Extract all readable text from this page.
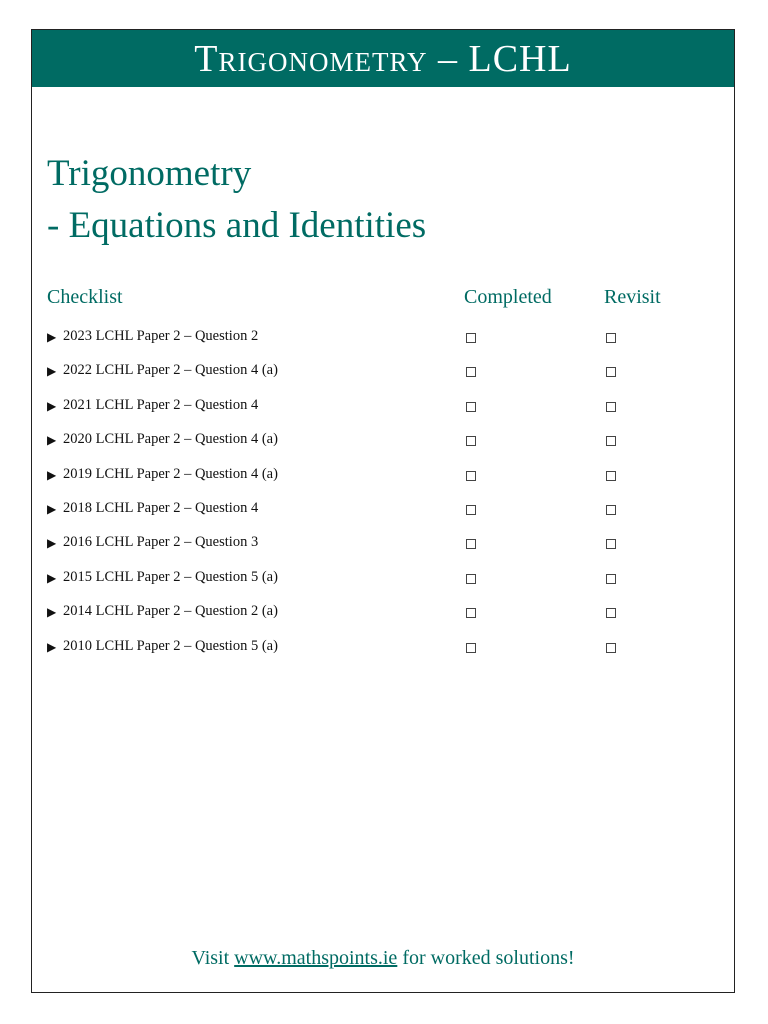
Trigonometry – LCHL
Trigonometry
- Equations and Identities
Checklist	Completed	Revisit
▶ 2023 LCHL Paper 2 – Question 2
▶ 2022 LCHL Paper 2 – Question 4 (a)
▶ 2021 LCHL Paper 2 – Question 4
▶ 2020 LCHL Paper 2 – Question 4 (a)
▶ 2019 LCHL Paper 2 – Question 4 (a)
▶ 2018 LCHL Paper 2 – Question 4
▶ 2016 LCHL Paper 2 – Question 3
▶ 2015 LCHL Paper 2 – Question 5 (a)
▶ 2014 LCHL Paper 2 – Question 2 (a)
▶ 2010 LCHL Paper 2 – Question 5 (a)
Visit www.mathspoints.ie for worked solutions!
